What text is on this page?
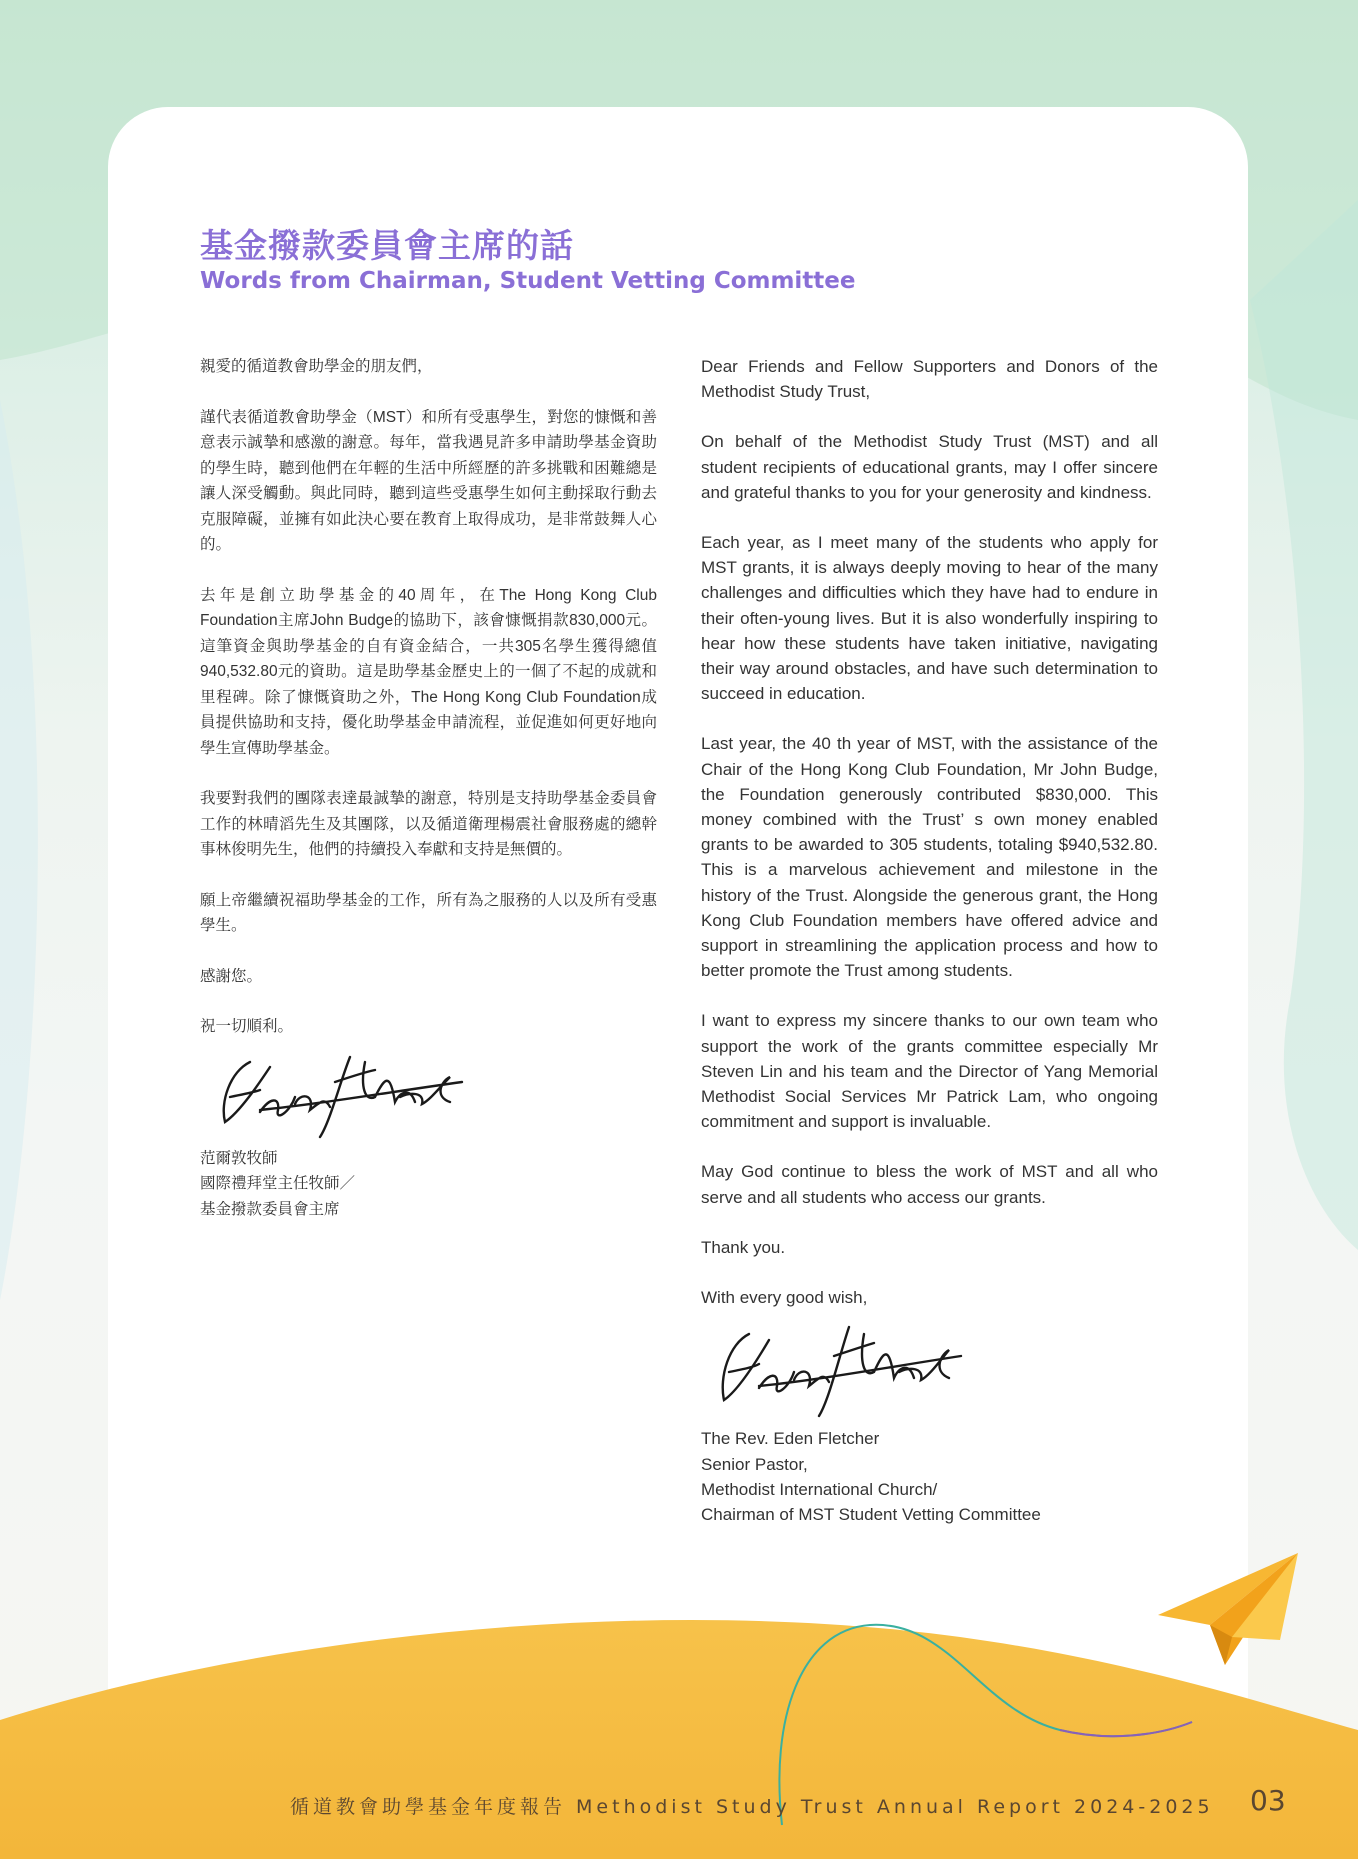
基金撥款委員會主席的話
Words from Chairman, Student Vetting Committee

親愛的循道教會助學金的朋友們，

謹代表循道教會助學金（MST）和所有受惠學生，對您的慷慨和善意表示誠摯和感激的謝意。每年，當我遇見許多申請助學基金資助的學生時，聽到他們在年輕的生活中所經歷的許多挑戰和困難總是讓人深受觸動。與此同時，聽到這些受惠學生如何主動採取行動去克服障礙，並擁有如此決心要在教育上取得成功，是非常鼓舞人心的。

去年是創立助學基金的40周年，在The Hong Kong Club Foundation主席John Budge的協助下，該會慷慨捐款830,000元。這筆資金與助學基金的自有資金結合，一共305名學生獲得總值940,532.80元的資助。這是助學基金歷史上的一個了不起的成就和里程碑。除了慷慨資助之外，The Hong Kong Club Foundation成員提供協助和支持，優化助學基金申請流程，並促進如何更好地向學生宣傳助學基金。

我要對我們的團隊表達最誠摯的謝意，特別是支持助學基金委員會工作的林晴滔先生及其團隊，以及循道衛理楊震社會服務處的總幹事林俊明先生，他們的持續投入奉獻和支持是無價的。

願上帝繼續祝福助學基金的工作，所有為之服務的人以及所有受惠學生。

感謝您。

祝一切順利。

范爾敦牧師
國際禮拜堂主任牧師／
基金撥款委員會主席

Dear Friends and Fellow Supporters and Donors of the Methodist Study Trust,

On behalf of the Methodist Study Trust (MST) and all student recipients of educational grants, may I offer sincere and grateful thanks to you for your generosity and kindness.

Each year, as I meet many of the students who apply for MST grants, it is always deeply moving to hear of the many challenges and difficulties which they have had to endure in their often-young lives. But it is also wonderfully inspiring to hear how these students have taken initiative, navigating their way around obstacles, and have such determination to succeed in education.

Last year, the 40 th year of MST, with the assistance of the Chair of the Hong Kong Club Foundation, Mr John Budge, the Foundation generously contributed $830,000. This money combined with the Trust’ s own money enabled grants to be awarded to 305 students, totaling $940,532.80. This is a marvelous achievement and milestone in the history of the Trust. Alongside the generous grant, the Hong Kong Club Foundation members have offered advice and support in streamlining the application process and how to better promote the Trust among students.

I want to express my sincere thanks to our own team who support the work of the grants committee especially Mr Steven Lin and his team and the Director of Yang Memorial Methodist Social Services Mr Patrick Lam, who ongoing commitment and support is invaluable.

May God continue to bless the work of MST and all who serve and all students who access our grants.

Thank you.

With every good wish,

The Rev. Eden Fletcher
Senior Pastor,
Methodist International Church/
Chairman of MST Student Vetting Committee
循道教會助學基金年度報告 Methodist Study Trust Annual Report 2024-2025 03
